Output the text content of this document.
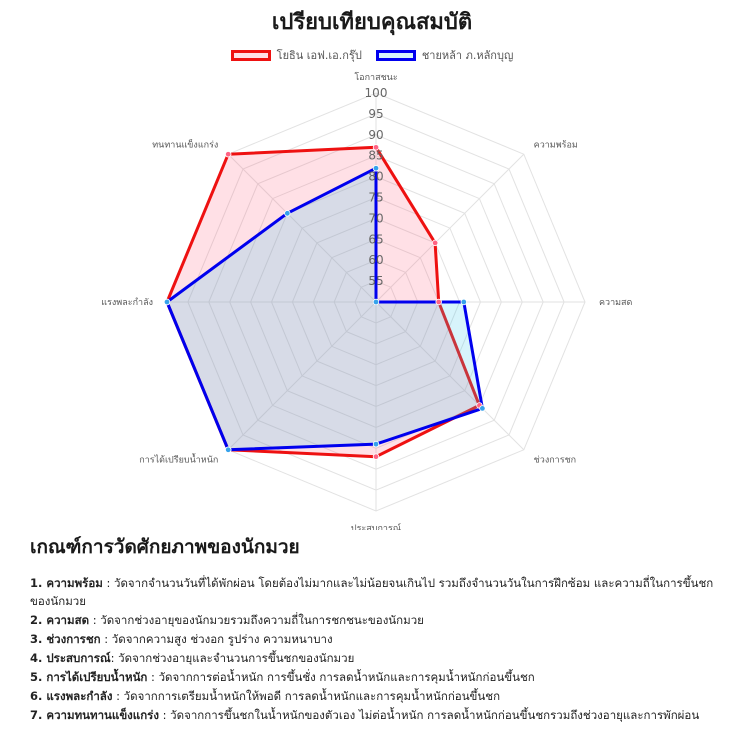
เปรียบเทียบคุณสมบัติ
โยธิน เอฟ.เอ.กรุ๊ป	ชายหล้า ภ.หลักบุญ
55
60
65
70
75
80
85
90
95
100
โอกาสชนะ
ความพร้อม
ความสด
ช่วงการชก
ประสบการณ์
การได้เปรียบน้ำหนัก
แรงพละกำลัง
ทนทานแข็งแกร่ง
เกณฑ์การวัดศักยภาพของนักมวย

1. ความพร้อม : วัดจากจำนวนวันที่ได้พักผ่อน โดยต้องไม่มากและไม่น้อยจนเกินไป รวมถึงจำนวนวันในการฝึกซ้อม และความถี่ในการขึ้นชกของนักมวย

2. ความสด : วัดจากช่วงอายุของนักมวยรวมถึงความถี่ในการชกชนะของนักมวย

3. ช่วงการชก : วัดจากความสูง ช่วงอก รูปร่าง ความหนาบาง

4. ประสบการณ์: วัดจากช่วงอายุและจำนวนการขึ้นชกของนักมวย

5. การได้เปรียบน้ำหนัก : วัดจากการต่อน้ำหนัก การขึ้นชั่ง การลดน้ำหนักและการคุมน้ำหนักก่อนขึ้นชก

6. แรงพละกำลัง : วัดจากการเตรียมน้ำหนักให้พอดี การลดน้ำหนักและการคุมน้ำหนักก่อนขึ้นชก

7. ความทนทานแข็งแกร่ง : วัดจากการขึ้นชกในน้ำหนักของตัวเอง ไม่ต่อน้ำหนัก การลดน้ำหนักก่อนขึ้นชกรวมถึงช่วงอายุและการพักผ่อน
